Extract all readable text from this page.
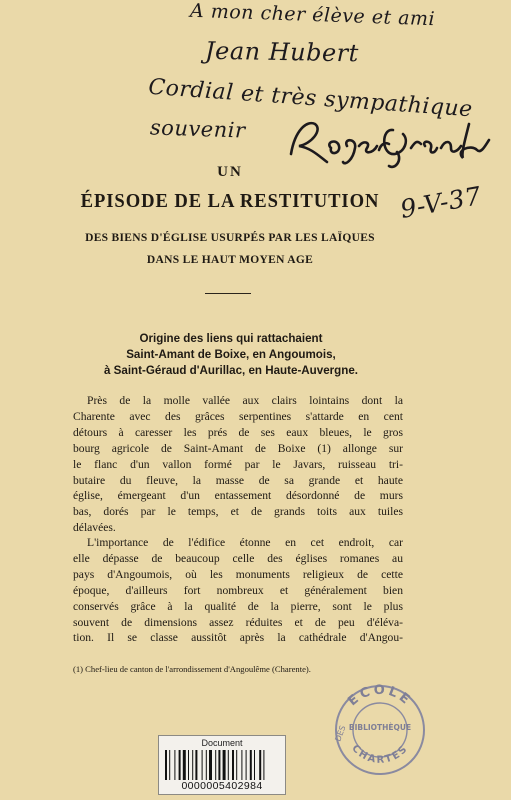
A mon cher élève et ami
Jean Hubert
Cordial et très sympathique
souvenir
9-V-37
UN
ÉPISODE DE LA RESTITUTION
DES BIENS D'ÉGLISE USURPÉS PAR LES LAÏQUES
DANS LE HAUT MOYEN AGE
Origine des liens qui rattachaient
Saint-Amant de Boixe, en Angoumois,
à Saint-Géraud d'Aurillac, en Haute-Auvergne.
Près de la molle vallée aux clairs lointains dont la
Charente avec des grâces serpentines s'attarde en cent
détours à caresser les prés de ses eaux bleues, le gros
bourg agricole de Saint-Amant de Boixe (1) allonge sur
le flanc d'un vallon formé par le Javars, ruisseau tri-
butaire du fleuve, la masse de sa grande et haute
église, émergeant d'un entassement désordonné de murs
bas, dorés par le temps, et de grands toits aux tuiles
délavées.
L'importance de l'édifice étonne en cet endroit, car
elle dépasse de beaucoup celle des églises romanes au
pays d'Angoumois, où les monuments religieux de cette
époque, d'ailleurs fort nombreux et généralement bien
conservés grâce à la qualité de la pierre, sont le plus
souvent de dimensions assez réduites et de peu d'éléva-
tion. Il se classe aussitôt après la cathédrale d'Angou-
(1) Chef-lieu de canton de l'arrondissement d'Angoulême (Charente).
ECOLE
CHARTES
BIBLIOTHÈQUE
DES
Document
0000005402984
